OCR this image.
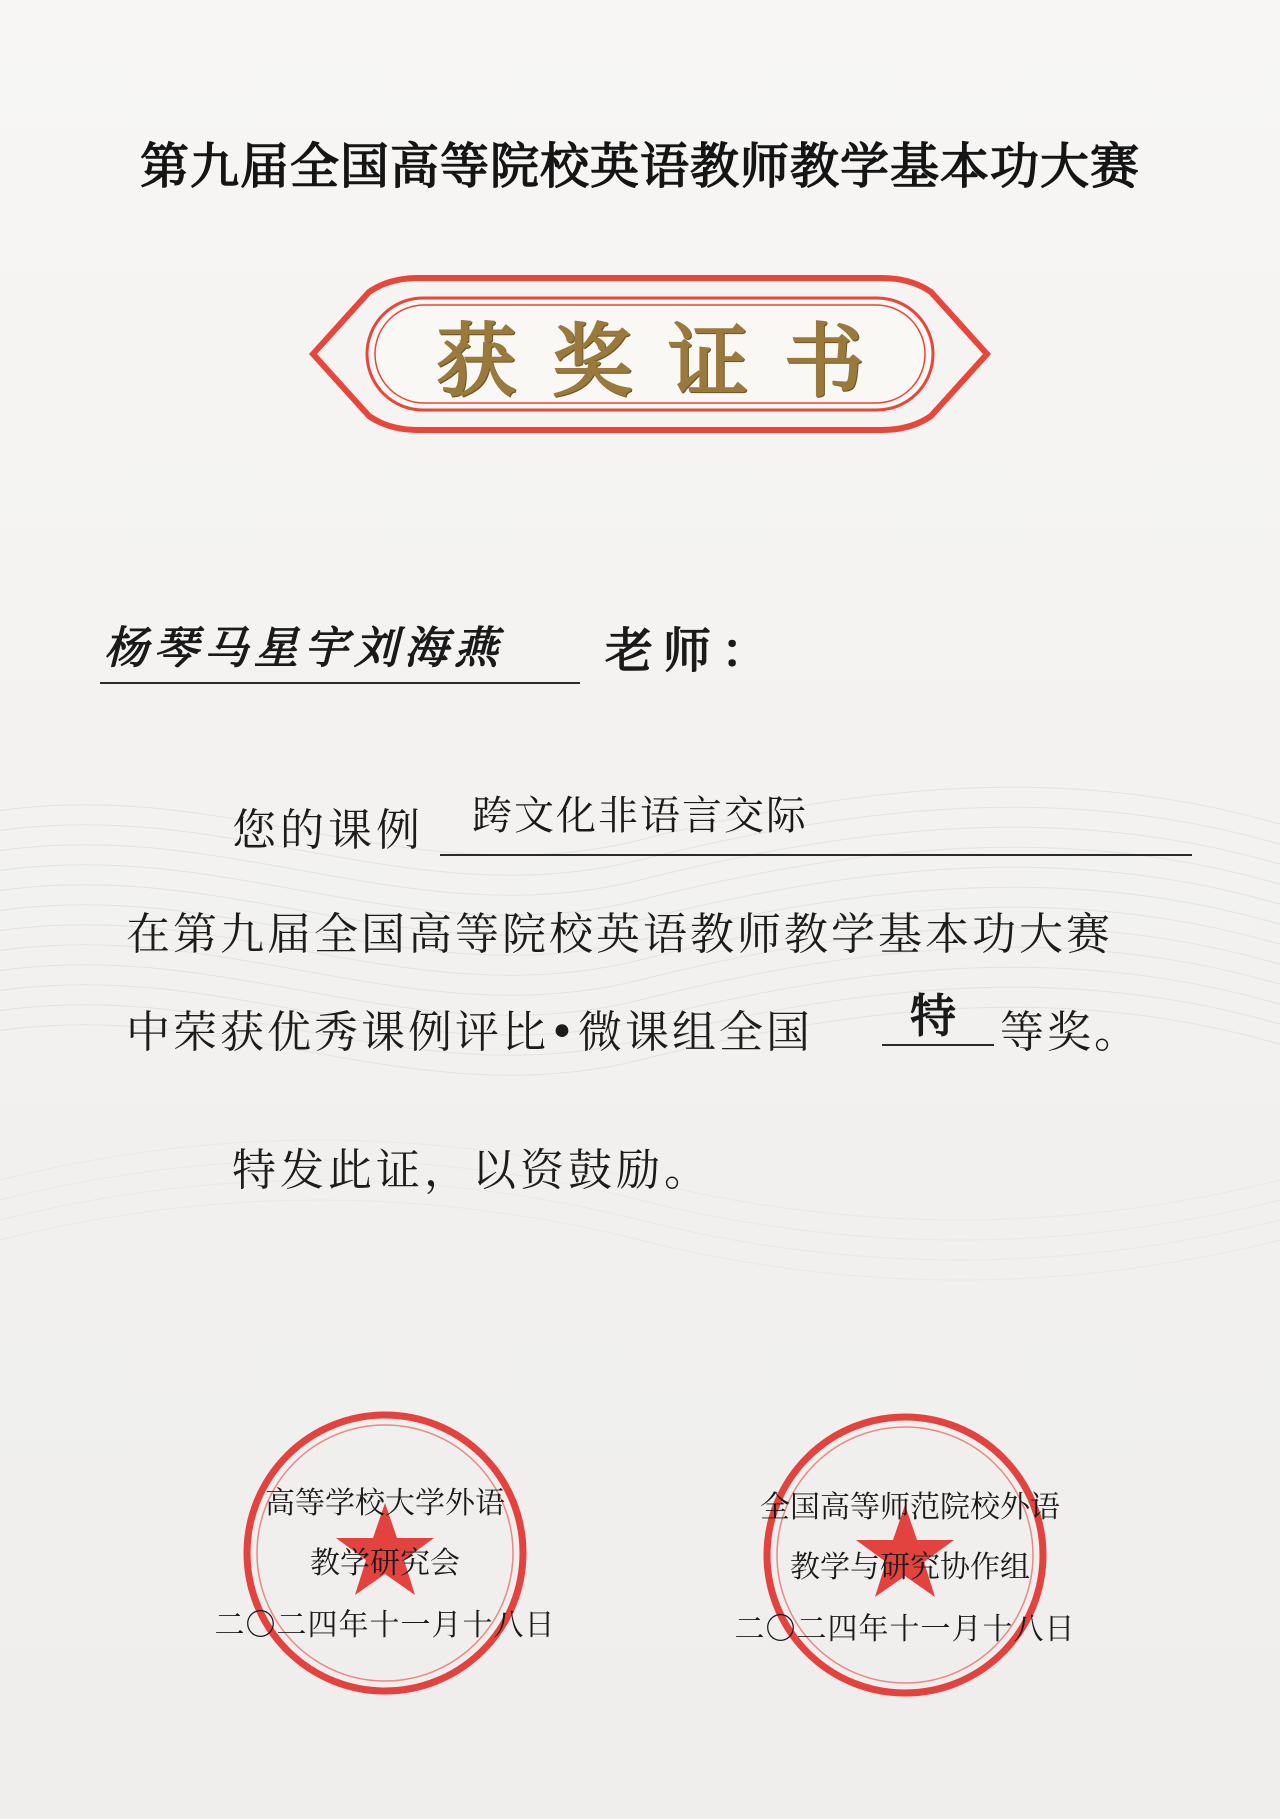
第九届全国高等院校英语教师教学基本功大赛
获奖证书
杨琴马星宇刘海燕 老师：
您的课例 跨文化非语言交际
在第九届全国高等院校英语教师教学基本功大赛
中荣获优秀课例评比•微课组全国 特 等奖。
特发此证，以资鼓励。
高等学校大学外语
教学研究会
二〇二四年十一月十八日
全国高等师范院校外语
教学与研究协作组
二〇二四年十一月十八日
